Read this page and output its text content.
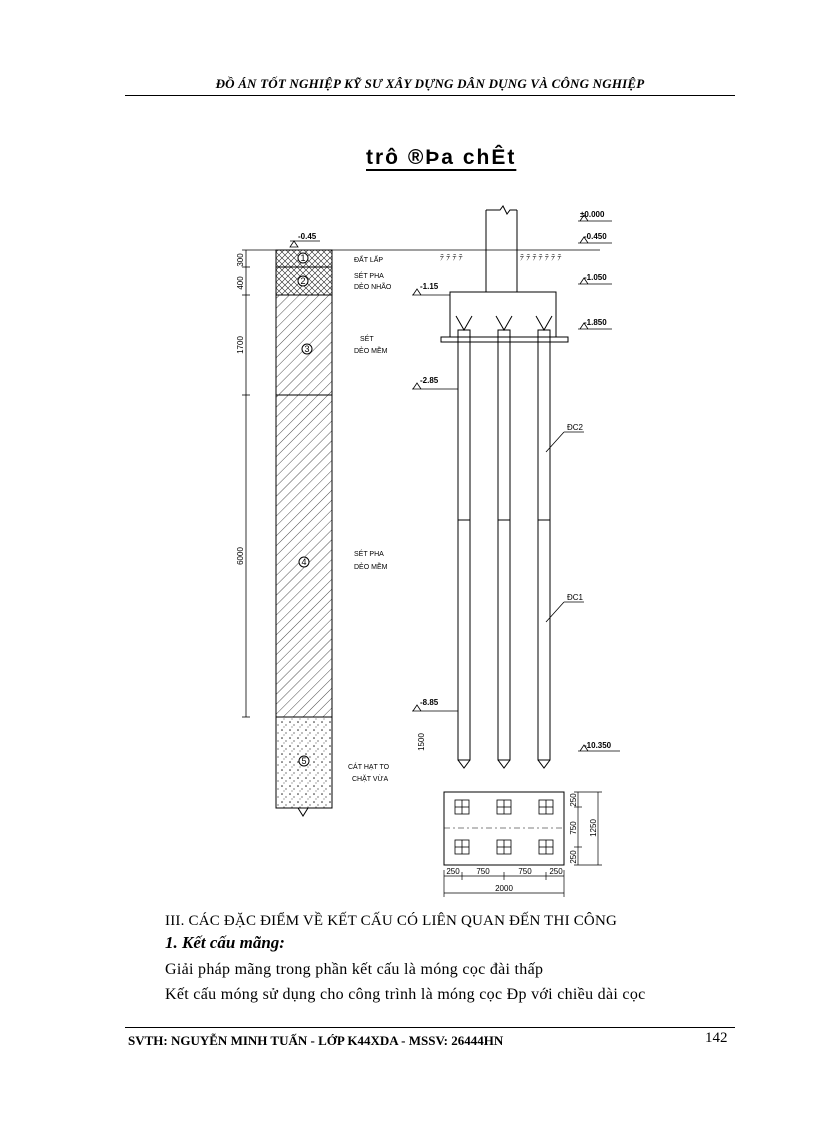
ĐỒ ÁN TỐT NGHIỆP KỸ SƯ XÂY DỰNG DÂN DỤNG VÀ CÔNG NGHIỆP
trô ®Þa chÊt
1
2
3
4
5
ĐẤT LẤP
SÉT PHA
DẺO NHÃO
SÉT
DẺO MỀM
SÉT PHA
DẺO MỀM
CÁT HẠT TO
CHẶT VỪA
300
400
1700
6000
1500
-0.45
ﾃ ﾃ ﾃ ﾃ	ﾃ ﾃ ﾃ ﾃ ﾃ ﾃ ﾃ
-1.15
-2.85
-8.85
±0.000
-0.450
-1.050
-1.850
-10.350
ĐC2
ĐC1
250
750
250
1250
250 750	750 250
2000
III. CÁC ĐẶC ĐIỂM VỀ KẾT CẤU CÓ LIÊN QUAN ĐẾN THI CÔNG
1. Kết cấu mãng:
Giải pháp mãng trong phần kết cấu là móng cọc đài thấp
Kết cấu móng sử dụng cho công trình là móng cọc Đp với chiều dài cọc
SVTH: NGUYỄN MINH TUẤN - LỚP K44XDA - MSSV: 26444HN	142
